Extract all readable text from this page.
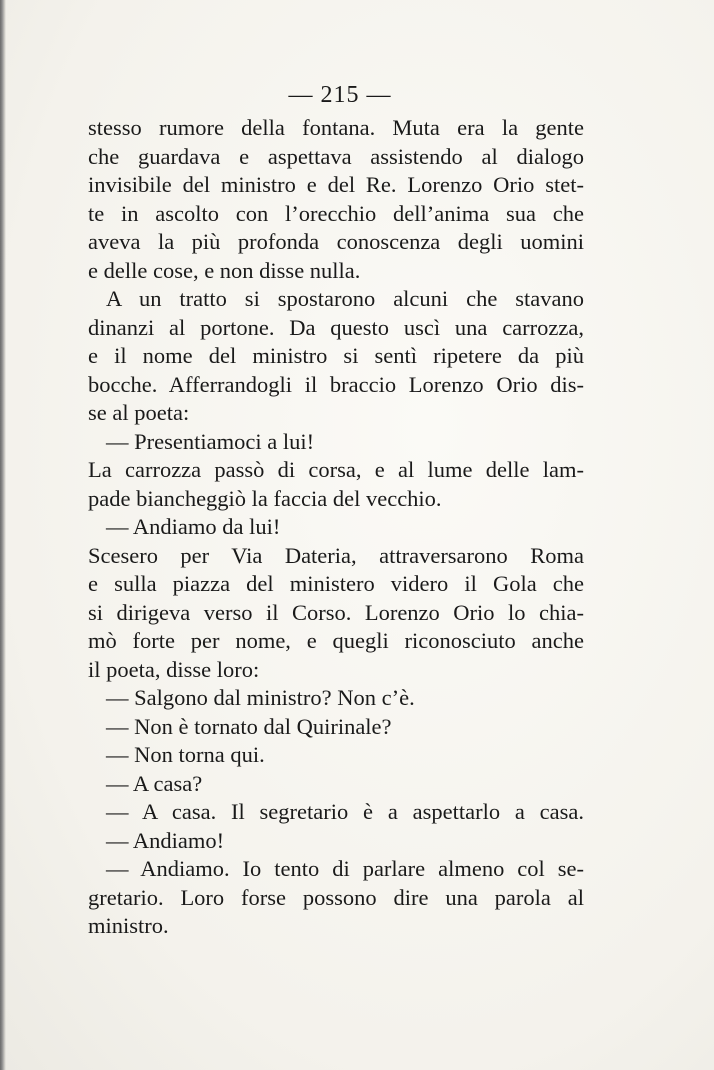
— 215 —
stesso rumore della fontana. Muta era la gente
che guardava e aspettava assistendo al dialogo
invisibile del ministro e del Re. Lorenzo Orio stet-
te in ascolto con l’orecchio dell’anima sua che
aveva la più profonda conoscenza degli uomini
e delle cose, e non disse nulla.
A un tratto si spostarono alcuni che stavano
dinanzi al portone. Da questo uscì una carrozza,
e il nome del ministro si sentì ripetere da più
bocche. Afferrandogli il braccio Lorenzo Orio dis-
se al poeta:
— Presentiamoci a lui!
La carrozza passò di corsa, e al lume delle lam-
pade biancheggiò la faccia del vecchio.
— Andiamo da lui!
Scesero per Via Dateria, attraversarono Roma
e sulla piazza del ministero videro il Gola che
si dirigeva verso il Corso. Lorenzo Orio lo chia-
mò forte per nome, e quegli riconosciuto anche
il poeta, disse loro:
— Salgono dal ministro? Non c’è.
— Non è tornato dal Quirinale?
— Non torna qui.
— A casa?
— A casa. Il segretario è a aspettarlo a casa.
— Andiamo!
— Andiamo. Io tento di parlare almeno col se-
gretario. Loro forse possono dire una parola al
ministro.
